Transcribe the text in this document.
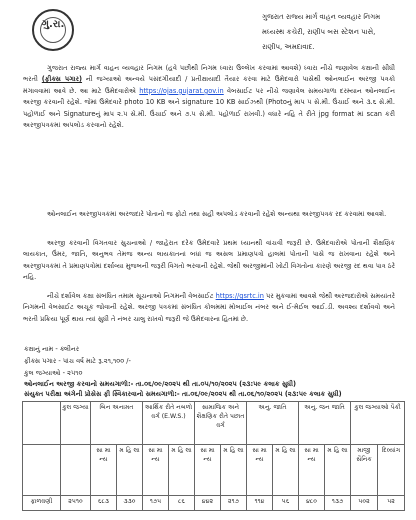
ગુ.રા.
ગુજરાત રાજ્ય માર્ગ વાહન વ્યવહાર નિગમ
મધ્યસ્થ કચેરી, રાણીપ બસ સ્ટેશન પાસે,
રાણીપ, અમદાવાદ.
ગુજરાત રાજ્ય માર્ગ વાહન વ્યવહાર નિગમ (હવે પછીથી નિગમ ધ્વારા ઉલ્લેખ કરવામાં આવશે) ધ્વારા નીચે જણાવેલ કક્ષાની સીધી ભરતી (ફીક્સ પગાર) ની જગ્યાઓ અન્વયે પસંદગીયાદી / પ્રતીક્ષાયાદી તૈયાર કરવા માટે ઉમેદવારો પાસેથી ઓનલાઈન અરજી પત્રકો મંગાવવામાં આવે છે. આ માટે ઉમેદવારોએ https://ojas.gujarat.gov.in વેબસાઈટ પર નીચે જણાવેલ સમયગાળા દરમ્યાન ઓનલાઈન અરજી કરવાની રહેશે. જેમાં ઉમેદવારે photo 10 KB અને signature 10 KB સાઈઝથી (Photoનું માપ ૫ સે.મી. ઉંચાઈ અને ૩.૬ સે.મી. પહોળાઈ અને Signatureનું માપ ૨.૫ સે.મી. ઉંચાઈ અને ૭.૫ સે.મી. પહોળાઈ રાખવી.) વધારે નહિ તે રીતે jpg format માં scan કરી અરજીપત્રકમાં અપલોડ કરવાનો રહેશે.
ઓનલાઈન અરજીપત્રકમાં અરજદારે પોતાનો જ ફોટો તથા સહી અપલોડ કરવાની રહેશે અન્યથા અરજીપત્રક રદ કરવામાં આવશે.
અરજી કરવાની વિગતવાર સુચનાઓ / જાહેરાત દરેક ઉમેદવારે પ્રથમ ધ્યાનથી વાંચવી જરૂરી છે. ઉમેદવારોએ પોતાની શૈક્ષણિક લાયકાત, ઉંમર, જાતિ, અનુભવ તેમજ અન્ય લાયકાતનાં બધાં જ અસલ પ્રમાણપત્રો હાલમાં પોતાની પાસે જ રાખવાના રહેશે અને અરજીપત્રકમાં તે પ્રમાણપત્રોમાં દર્શાવ્યા મુજબની જરૂરી વિગતો ભરવાની રહેશે. જેથી અરજીમાંની ખોટી વિગતોના કારણે અરજી રદ થવા પાત્ર ઠરે નહિ.
નીચે દર્શાવેલ કક્ષા સંબંધિત તમામ સૂચનાઓ નિગમની વેબસાઈટ https://gsrtc.in પર મુકવામાં આવશે જેથી અરજદારોએ સમયાંતરે નિગમની વેબસાઈટ અચૂક જોવાની રહેશે. અરજી પત્રકમાં સંબંધિત કોલમમાં મોબાઈલ નંબર અને ઈ-મેઈલ આઈ.ડી. અવશ્ય દર્શાવવો અને ભરતી પ્રક્રિયા પૂર્ણ થાય ત્યાં સુધી તે નંબર ચાલુ રાખવો જરૂરી જે ઉમેદવારના હિતમાં છે.
કક્ષાનું નામ - ક્લીનર
ફીક્સ પગાર - પાંચ વર્ષ માટે રૂ.૨૧,૧૦૦ /-
કુલ જગ્યાઓ - ૨૫૧૦
ઓનલાઈન અરજી કરવાનો સમયગાળો:- તા.૦૬/૦૯/૨૦૨૫ થી તા.૦૫/૧૦/૨૦૨૫ (૨૩:૫૯ કલાક સુધી)
સંયુક્ત પરીક્ષા અંગેની પ્રોસેસ ફી સ્વિકારવાનો સમયગાળો:- તા.૦૬/૦૯/૨૦૨૫ થી તા.૦૬/૧૦/૨૦૨૫ (૨૩:૫૯ કલાક સુધી)
	કુલ જગ્યા	બિન અનામત		આર્થિક રીતે નબળો વર્ગ (E.W.S.)		સામાજિક અને શૈક્ષણિક રીતે પછાત વર્ગ		અનુ. જાતિ		અનુ. જન જાતિ		કુલ જગ્યાઓ પૈકી	
		સા મા ન્ય	મ હિ લા	સા મા ન્ય	મ હિ લા	સા મા ન્ય	મ હિ લા	સા મા ન્ય	મ હિ લા	સા મા ન્ય	મ હિ લા	માજી સૈનિક	દિવ્યાંગ
ફાળવણી	૨૫૧૦	૬૮૩	૩૩૦	૧૭૫	૮૬	૪૪૨	૨૧૭	૧૧૪	૫૬	૪૮૦	૧૩૭	૫૦૨	૫૨
